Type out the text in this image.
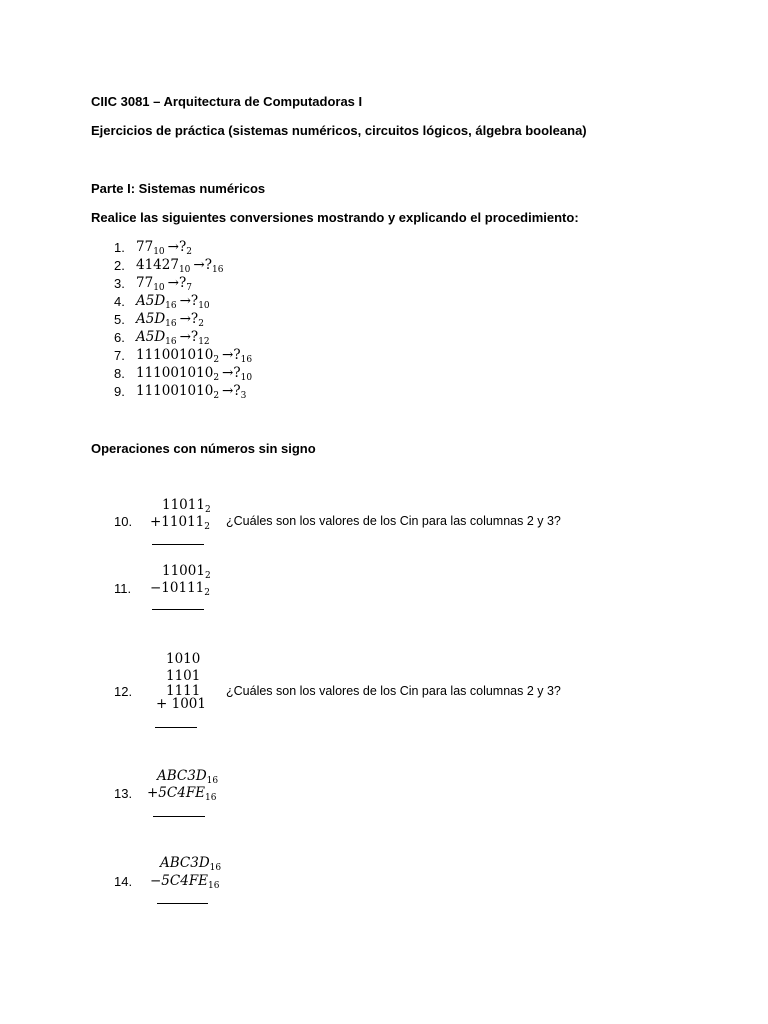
CIIC 3081 – Arquitectura de Computadoras I
Ejercicios de práctica (sistemas numéricos, circuitos lógicos, álgebra booleana)
Parte I: Sistemas numéricos
Realice las siguientes conversiones mostrando y explicando el procedimiento:
1. $77_{10}$ $\to?_2$
2. $41427_{10}$ $\to?_{16}$
3. $77_{10}$ $\to?_7$
4. $A5D_{16}$ $\to?_{10}$
5. $A5D_{16}$ $\to?_2$
6. $A5D_{16}$ $\to?_{12}$
7. $111001010_2$ $\to?_{16}$
8. $111001010_2$ $\to?_{10}$
9. $111001010_2$ $\to?_3$
Operaciones con números sin signo
10.
$11011_2$
$+11011_2$ ¿Cuáles son los valores de los Cin para las columnas 2 y 3?
11.
$11001_2$
$-10111_2$
12.
1010
1101
1111
+ 1001
¿Cuáles son los valores de los Cin para las columnas 2 y 3?
13.
$ABC3D_{16}$
$+5C4FE_{16}$
14.
$ABC3D_{16}$
$-5C4FE_{16}$
